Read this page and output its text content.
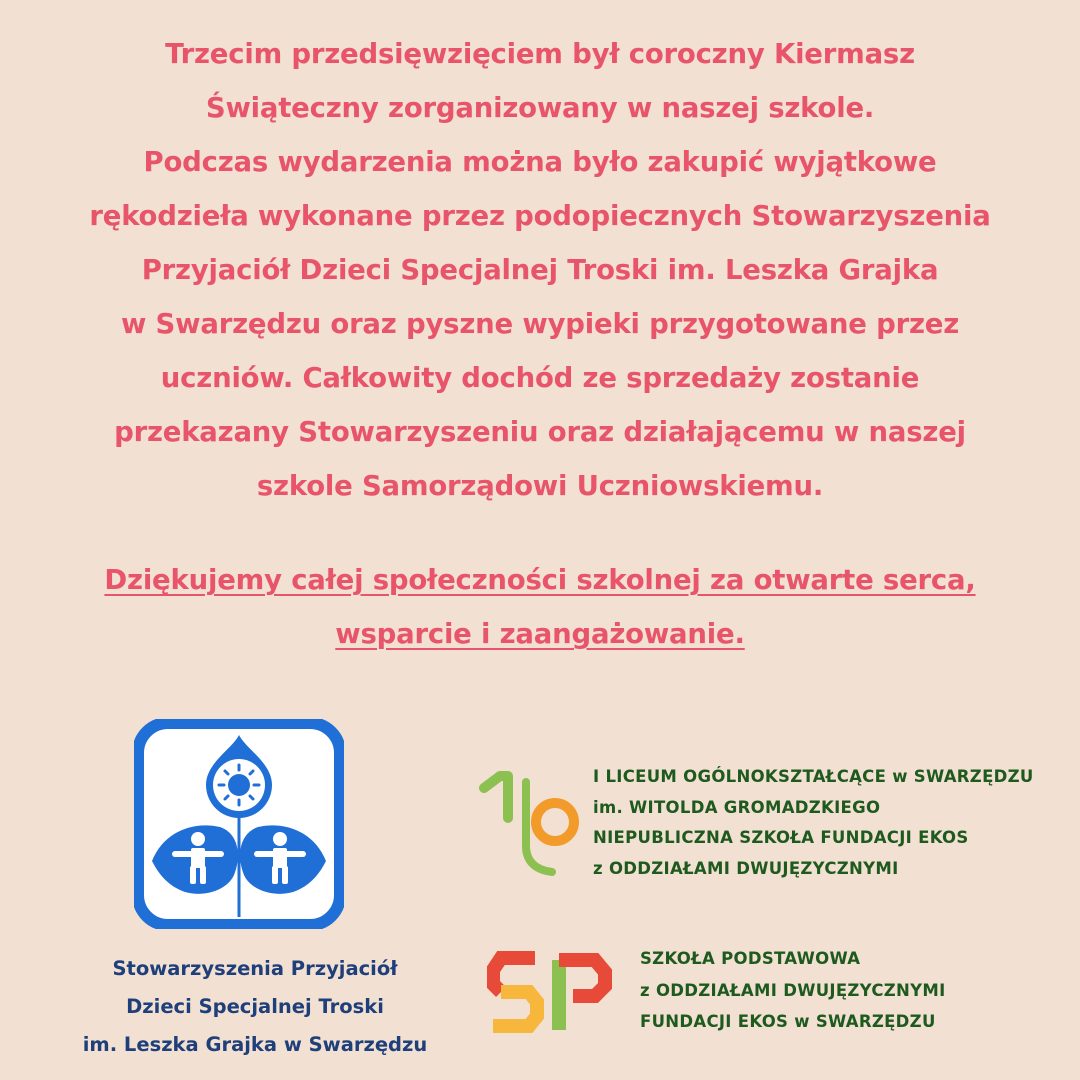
Trzecim przedsięwzięciem był coroczny Kiermasz
Świąteczny zorganizowany w naszej szkole.
Podczas wydarzenia można było zakupić wyjątkowe
rękodzieła wykonane przez podopiecznych Stowarzyszenia
Przyjaciół Dzieci Specjalnej Troski im. Leszka Grajka
w Swarzędzu oraz pyszne wypieki przygotowane przez
uczniów. Całkowity dochód ze sprzedaży zostanie
przekazany Stowarzyszeniu oraz działającemu w naszej
szkole Samorządowi Uczniowskiemu.
Dziękujemy całej społeczności szkolnej za otwarte serca,
wsparcie i zaangażowanie.
Stowarzyszenia Przyjaciół
Dzieci Specjalnej Troski
im. Leszka Grajka w Swarzędzu
I LICEUM OGÓLNOKSZTAŁCĄCE w SWARZĘDZU
im. WITOLDA GROMADZKIEGO
NIEPUBLICZNA SZKOŁA FUNDACJI EKOS
z ODDZIAŁAMI DWUJĘZYCZNYMI
SZKOŁA PODSTAWOWA
z ODDZIAŁAMI DWUJĘZYCZNYMI
FUNDACJI EKOS w SWARZĘDZU
